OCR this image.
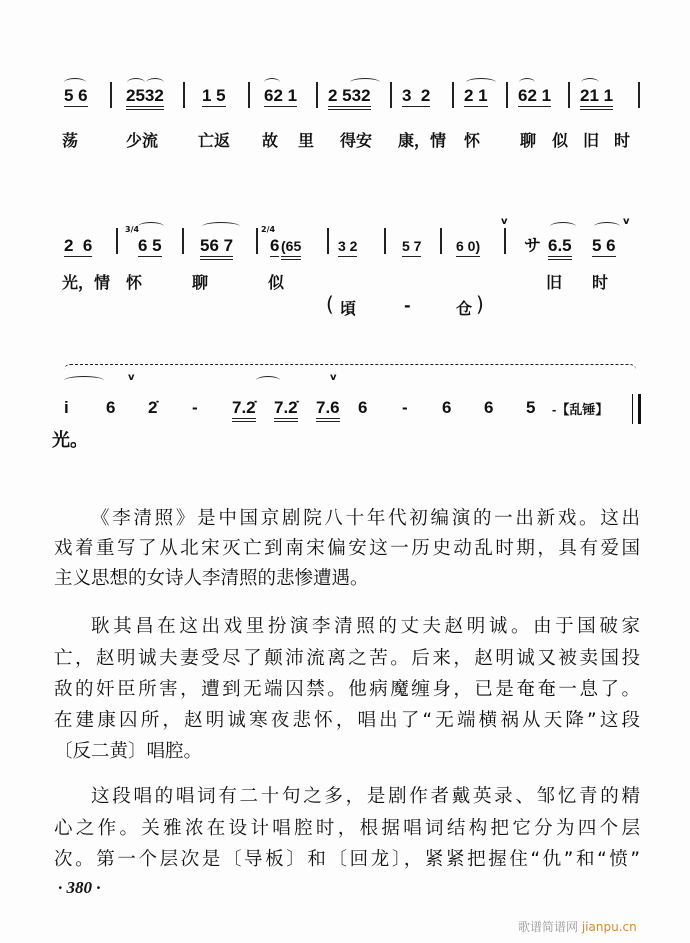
5 6 2532 1 5 62 1 2 532 3  2 2 1 62 1 21 1
荡	少流 亡返 故 里 得安 康，情 怀 聊 似 旧 时
2  6
3/4
6 5 56 7
2/4
6 (65	3 2	5 7 6 0)
v
サ 6.5 5 6
v
光，情 怀	聊	似	旧 时
( 頃	-	仓 )
v	v
i 6 2̇ - 7.2̇ 7.2̇ 7.6 6 - 6 6 5 -【乱锤】
光。
《李清照》是中国京剧院八十年代初编演的一出新戏。这出
戏着重写了从北宋灭亡到南宋偏安这一历史动乱时期，具有爱国
主义思想的女诗人李清照的悲惨遭遇。
耿其昌在这出戏里扮演李清照的丈夫赵明诚。由于国破家
亡，赵明诚夫妻受尽了颠沛流离之苦。后来，赵明诚又被卖国投
敌的奸臣所害，遭到无端囚禁。他病魔缠身，已是奄奄一息了。
在建康囚所，赵明诚寒夜悲怀，唱出了“无端横祸从天降”这段
〔反二黄〕唱腔。
这段唱的唱词有二十句之多，是剧作者戴英录、邹忆青的精
心之作。关雅浓在设计唱腔时，根据唱词结构把它分为四个层
次。第一个层次是〔导板〕和〔回龙〕，紧紧把握住“仇”和“愤”
· 380 ·
歌谱简谱网 jianpu.cn
